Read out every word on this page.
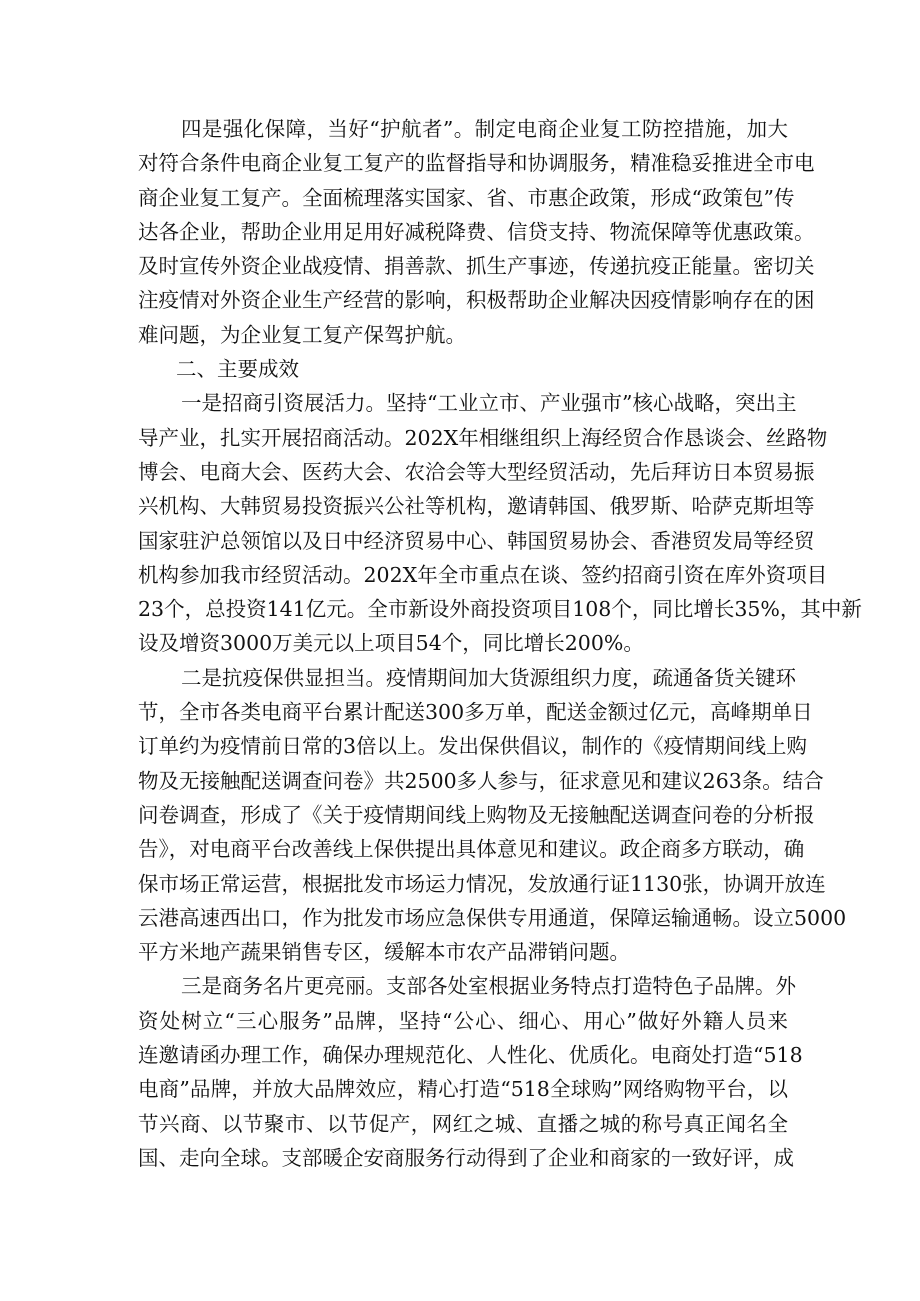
四是强化保障，当好“护航者”。制定电商企业复工防控措施，加大
对符合条件电商企业复工复产的监督指导和协调服务，精准稳妥推进全市电
商企业复工复产。全面梳理落实国家、省、市惠企政策，形成“政策包”传
达各企业，帮助企业用足用好减税降费、信贷支持、物流保障等优惠政策。
及时宣传外资企业战疫情、捐善款、抓生产事迹，传递抗疫正能量。密切关
注疫情对外资企业生产经营的影响，积极帮助企业解决因疫情影响存在的困
难问题，为企业复工复产保驾护航。
二、主要成效
一是招商引资展活力。坚持“工业立市、产业强市”核心战略，突出主
导产业，扎实开展招商活动。202X年相继组织上海经贸合作恳谈会、丝路物
博会、电商大会、医药大会、农洽会等大型经贸活动，先后拜访日本贸易振
兴机构、大韩贸易投资振兴公社等机构，邀请韩国、俄罗斯、哈萨克斯坦等
国家驻沪总领馆以及日中经济贸易中心、韩国贸易协会、香港贸发局等经贸
机构参加我市经贸活动。202X年全市重点在谈、签约招商引资在库外资项目
23个，总投资141亿元。全市新设外商投资项目108个，同比增长35%，其中新
设及增资3000万美元以上项目54个，同比增长200%。
二是抗疫保供显担当。疫情期间加大货源组织力度，疏通备货关键环
节，全市各类电商平台累计配送300多万单，配送金额过亿元，高峰期单日
订单约为疫情前日常的3倍以上。发出保供倡议，制作的《疫情期间线上购
物及无接触配送调查问卷》共2500多人参与，征求意见和建议263条。结合
问卷调查，形成了《关于疫情期间线上购物及无接触配送调查问卷的分析报
告》，对电商平台改善线上保供提出具体意见和建议。政企商多方联动，确
保市场正常运营，根据批发市场运力情况，发放通行证1130张，协调开放连
云港高速西出口，作为批发市场应急保供专用通道，保障运输通畅。设立5000
平方米地产蔬果销售专区，缓解本市农产品滞销问题。
三是商务名片更亮丽。支部各处室根据业务特点打造特色子品牌。外
资处树立“三心服务”品牌，坚持“公心、细心、用心”做好外籍人员来
连邀请函办理工作，确保办理规范化、人性化、优质化。电商处打造“518
电商”品牌，并放大品牌效应，精心打造“518全球购”网络购物平台，以
节兴商、以节聚市、以节促产，网红之城、直播之城的称号真正闻名全
国、走向全球。支部暖企安商服务行动得到了企业和商家的一致好评，成
